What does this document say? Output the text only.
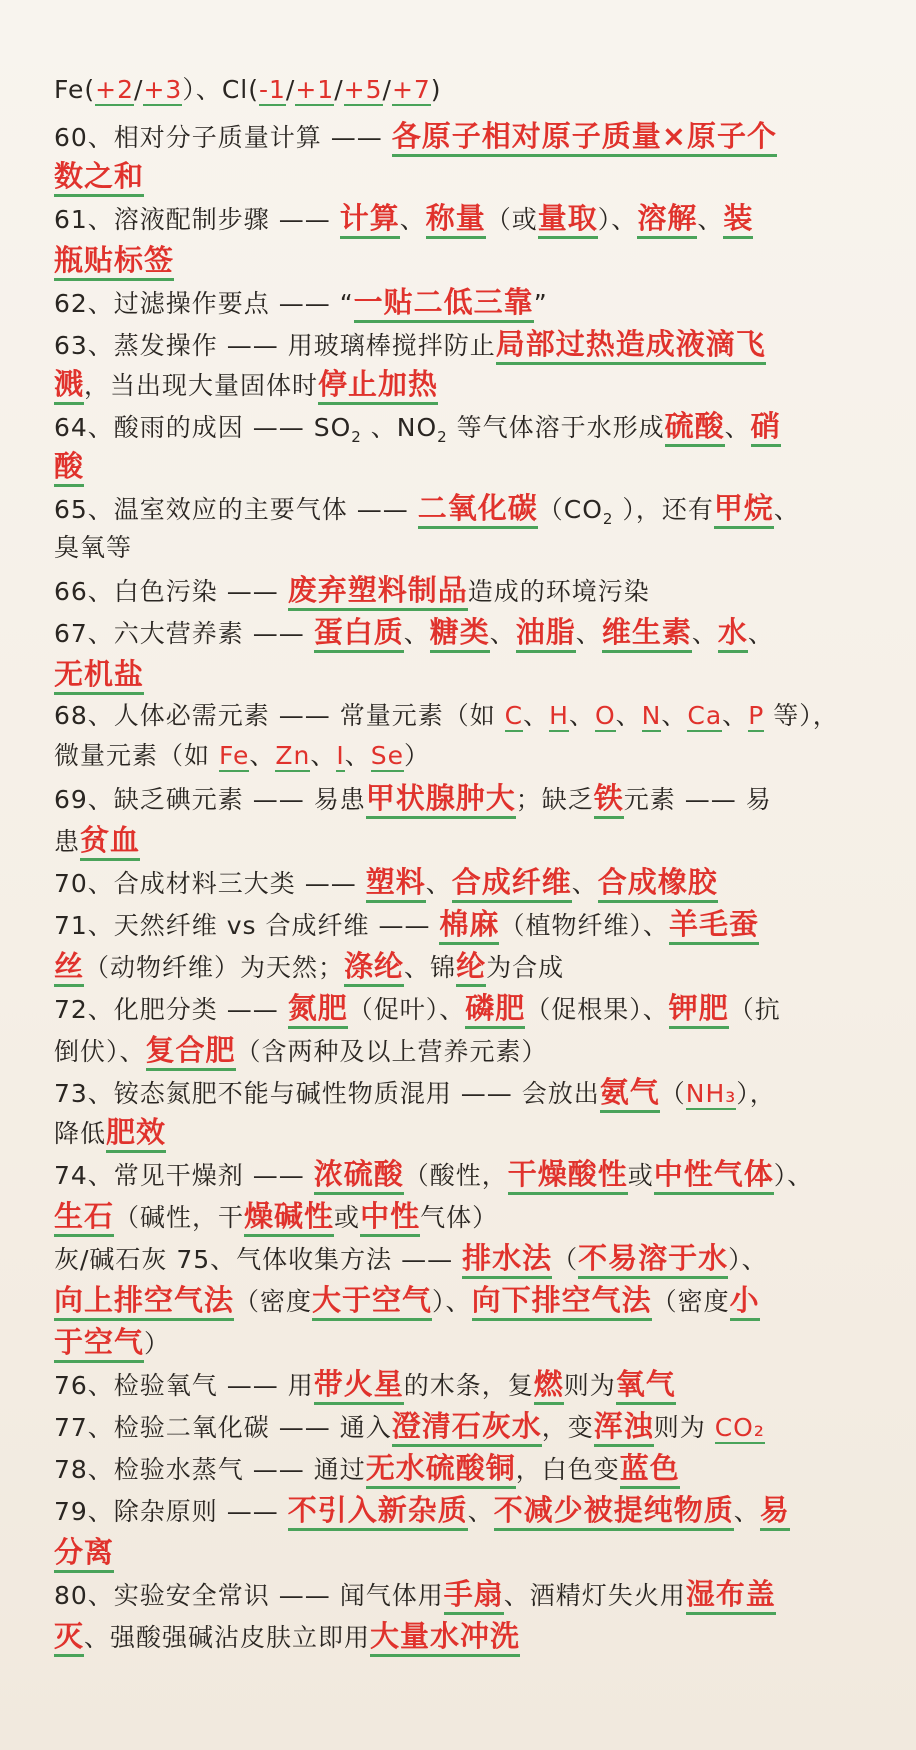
Fe(+2/+3）、Cl(-1/+1/+5/+7)
60、相对分子质量计算 —— 各原子相对原子质量×原子个
数之和
61、溶液配制步骤 —— 计算、称量（或量取）、溶解、装
瓶贴标签
62、过滤操作要点 —— “一贴二低三靠”
63、蒸发操作 —— 用玻璃棒搅拌防止局部过热造成液滴飞
溅，当出现大量固体时停止加热
64、酸雨的成因 —— $SO_2$ 、$NO_2$ 等气体溶于水形成硫酸、硝
酸
65、温室效应的主要气体 —— 二氧化碳（$CO_2$ ），还有甲烷、
臭氧等
66、白色污染 —— 废弃塑料制品造成的环境污染
67、六大营养素 —— 蛋白质、糖类、油脂、维生素、水、
无机盐
68、人体必需元素 —— 常量元素（如 C、H、O、N、Ca、P 等），
微量元素（如 Fe、Zn、I、Se）
69、缺乏碘元素 —— 易患甲状腺肿大；缺乏铁元素 —— 易
患贫血
70、合成材料三大类 —— 塑料、合成纤维、合成橡胶
71、天然纤维 vs 合成纤维 —— 棉麻（植物纤维）、羊毛蚕
丝（动物纤维）为天然；涤纶、锦纶为合成
72、化肥分类 —— 氮肥（促叶）、磷肥（促根果）、钾肥（抗
倒伏）、复合肥（含两种及以上营养元素）
73、铵态氮肥不能与碱性物质混用 —— 会放出氨气（NH₃），
降低肥效
74、常见干燥剂 —— 浓硫酸（酸性，干燥酸性或中性气体）、
生石（碱性，干燥碱性或中性气体）
灰/碱石灰 75、气体收集方法 —— 排水法（不易溶于水）、
向上排空气法（密度大于空气）、向下排空气法（密度小
于空气）
76、检验氧气 —— 用带火星的木条，复燃则为氧气
77、检验二氧化碳 —— 通入澄清石灰水，变浑浊则为 CO₂
78、检验水蒸气 —— 通过无水硫酸铜，白色变蓝色
79、除杂原则 —— 不引入新杂质、不减少被提纯物质、易
分离
80、实验安全常识 —— 闻气体用手扇、酒精灯失火用湿布盖
灭、强酸强碱沾皮肤立即用大量水冲洗
